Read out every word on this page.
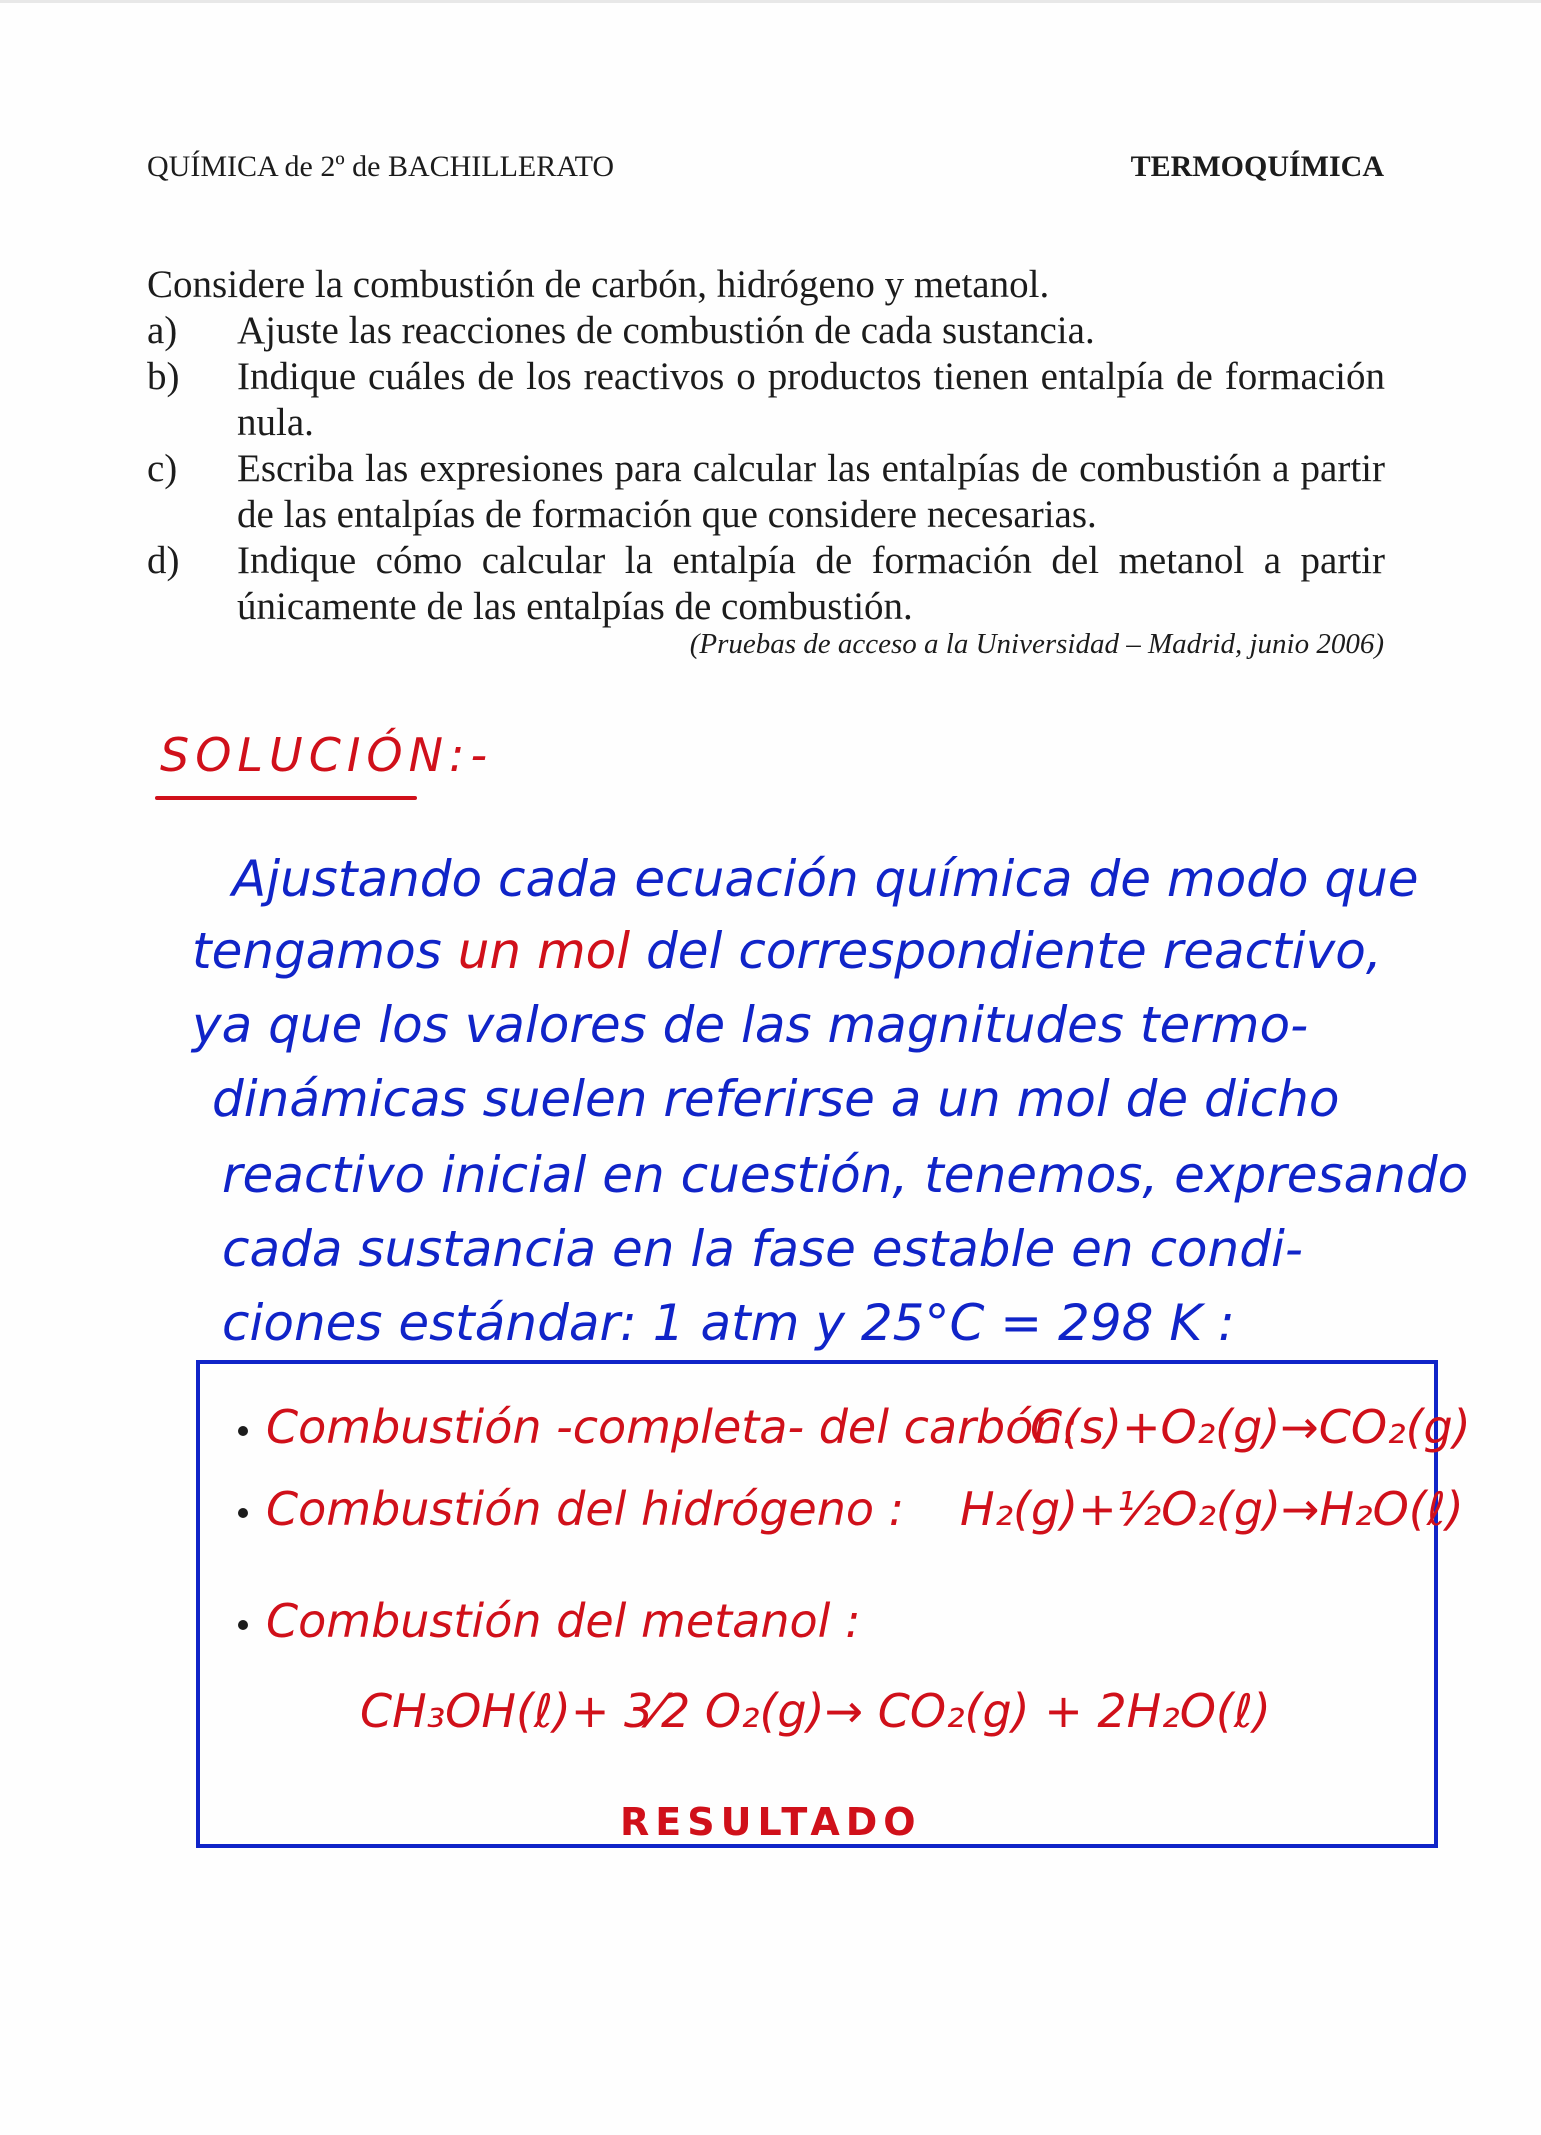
QUÍMICA de 2º de BACHILLERATO	TERMOQUÍMICA
Considere la combustión de carbón, hidrógeno y metanol.
a) Ajuste las reacciones de combustión de cada sustancia.
b) Indique cuáles de los reactivos o productos tienen entalpía de formación nula.
c) Escriba las expresiones para calcular las entalpías de combustión a partir de las entalpías de formación que considere necesarias.
d) Indique cómo calcular la entalpía de formación del metanol a partir únicamente de las entalpías de combustión.
(Pruebas de acceso a la Universidad – Madrid, junio 2006)
SOLUCIÓN:-
Ajustando cada ecuación química de modo que
tengamos un mol del correspondiente reactivo,
ya que los valores de las magnitudes termo-
dinámicas suelen referirse a un mol de dicho
reactivo inicial en cuestión, tenemos, expresando
cada sustancia en la fase estable en condi-
ciones estándar: 1 atm y 25°C = 298 K :
Combustión -completa- del carbón:
C(s)+O₂(g)→CO₂(g)
Combustión del hidrógeno : H₂(g)+½O₂(g)→H₂O(ℓ)
Combustión del metanol :
CH₃OH(ℓ)+ 3⁄2 O₂(g)→ CO₂(g) + 2H₂O(ℓ)
RESULTADO
